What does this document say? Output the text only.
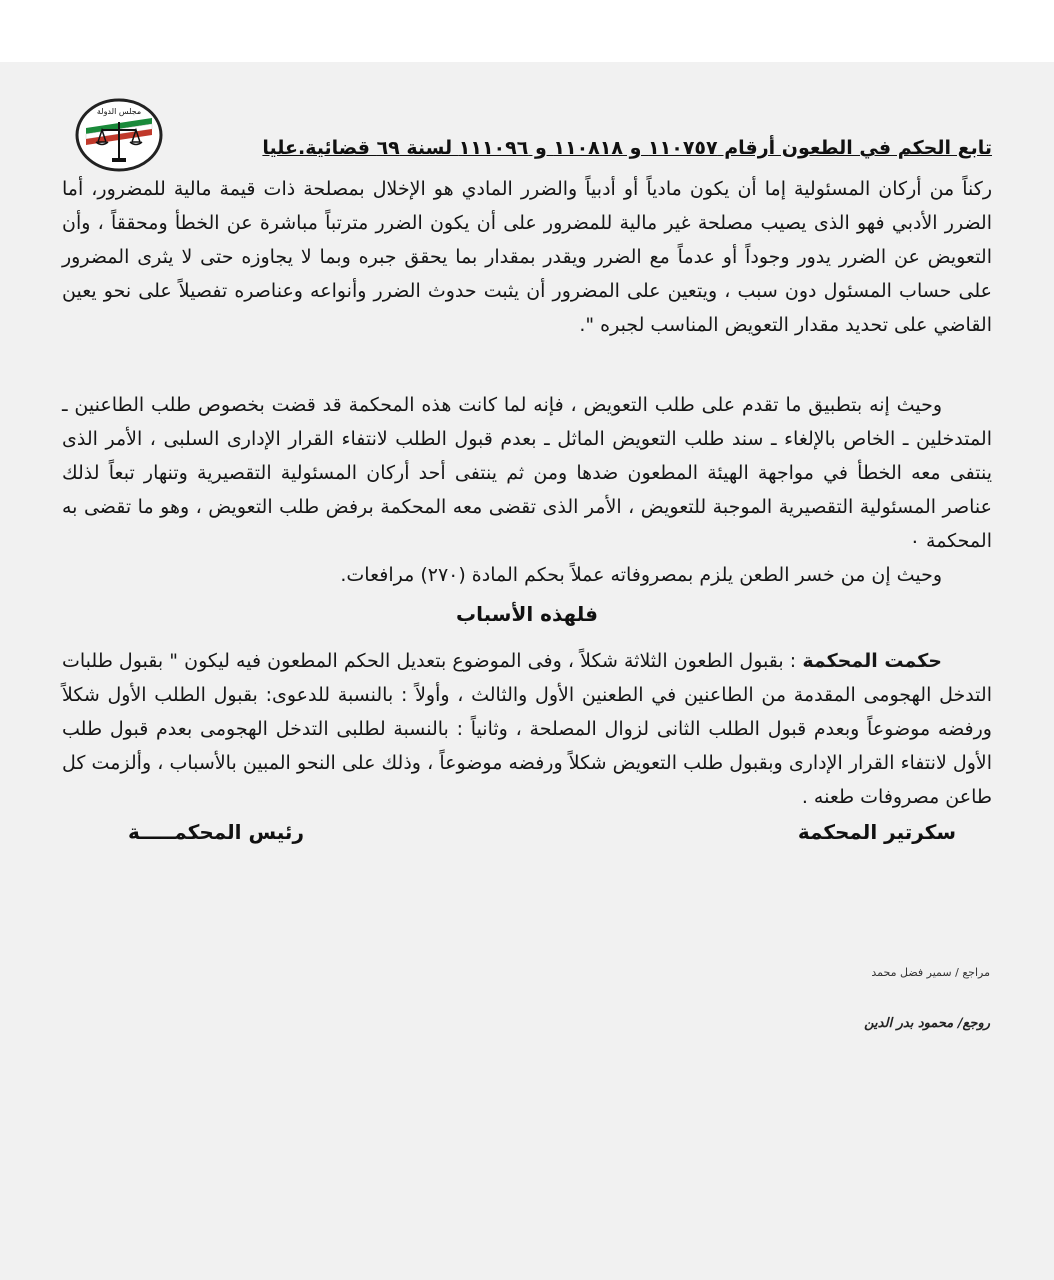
مجلس الدولة
تابع الحكم في الطعون أرقام ١١٠٧٥٧ و ١١٠٨١٨ و ١١١٠٩٦ لسنة ٦٩ قضائية.عليا

ركناً من أركان المسئولية إما أن يكون مادياً أو أدبياً والضرر المادي هو الإخلال بمصلحة ذات قيمة مالية للمضرور، أما الضرر الأدبي فهو الذى يصيب مصلحة غير مالية للمضرور على أن يكون الضرر مترتباً مباشرة عن الخطأ ومحققاً ، وأن التعويض عن الضرر يدور وجوداً أو عدماً مع الضرر ويقدر بمقدار بما يحقق جبره وبما لا يجاوزه حتى لا يثرى المضرور على حساب المسئول دون سبب ، ويتعين على المضرور أن يثبت حدوث الضرر وأنواعه وعناصره تفصيلاً على نحو يعين القاضي على تحديد مقدار التعويض المناسب لجبره ".

وحيث إنه بتطبيق ما تقدم على طلب التعويض ، فإنه لما كانت هذه المحكمة قد قضت بخصوص طلب الطاعنين ـ المتدخلين ـ الخاص بالإلغاء ـ سند طلب التعويض الماثل ـ بعدم قبول الطلب لانتفاء القرار الإدارى السلبى ، الأمر الذى ينتفى معه الخطأ في مواجهة الهيئة المطعون ضدها ومن ثم ينتفى أحد أركان المسئولية التقصيرية وتنهار تبعاً لذلك عناصر المسئولية التقصيرية الموجبة للتعويض ، الأمر الذى تقضى معه المحكمة برفض طلب التعويض ، وهو ما تقضى به المحكمة ٠

وحيث إن من خسر الطعن يلزم بمصروفاته عملاً بحكم المادة (٢٧٠) مرافعات.

فلهذه الأسباب

حكمت المحكمة : بقبول الطعون الثلاثة شكلاً ، وفى الموضوع بتعديل الحكم المطعون فيه ليكون " بقبول طلبات التدخل الهجومى المقدمة من الطاعنين في الطعنين الأول والثالث ، وأولاً : بالنسبة للدعوى: بقبول الطلب الأول شكلاً ورفضه موضوعاً وبعدم قبول الطلب الثانى لزوال المصلحة ، وثانياً : بالنسبة لطلبى التدخل الهجومى بعدم قبول طلب الأول لانتفاء القرار الإدارى وبقبول طلب التعويض شكلاً ورفضه موضوعاً ، وذلك على النحو المبين بالأسباب ، وألزمت كل طاعن مصروفات طعنه .

سكرتير المحكمة
رئيس المحكمـــــة
مراجع / سمير فضل محمد
روجع/ محمود بدر الدين
